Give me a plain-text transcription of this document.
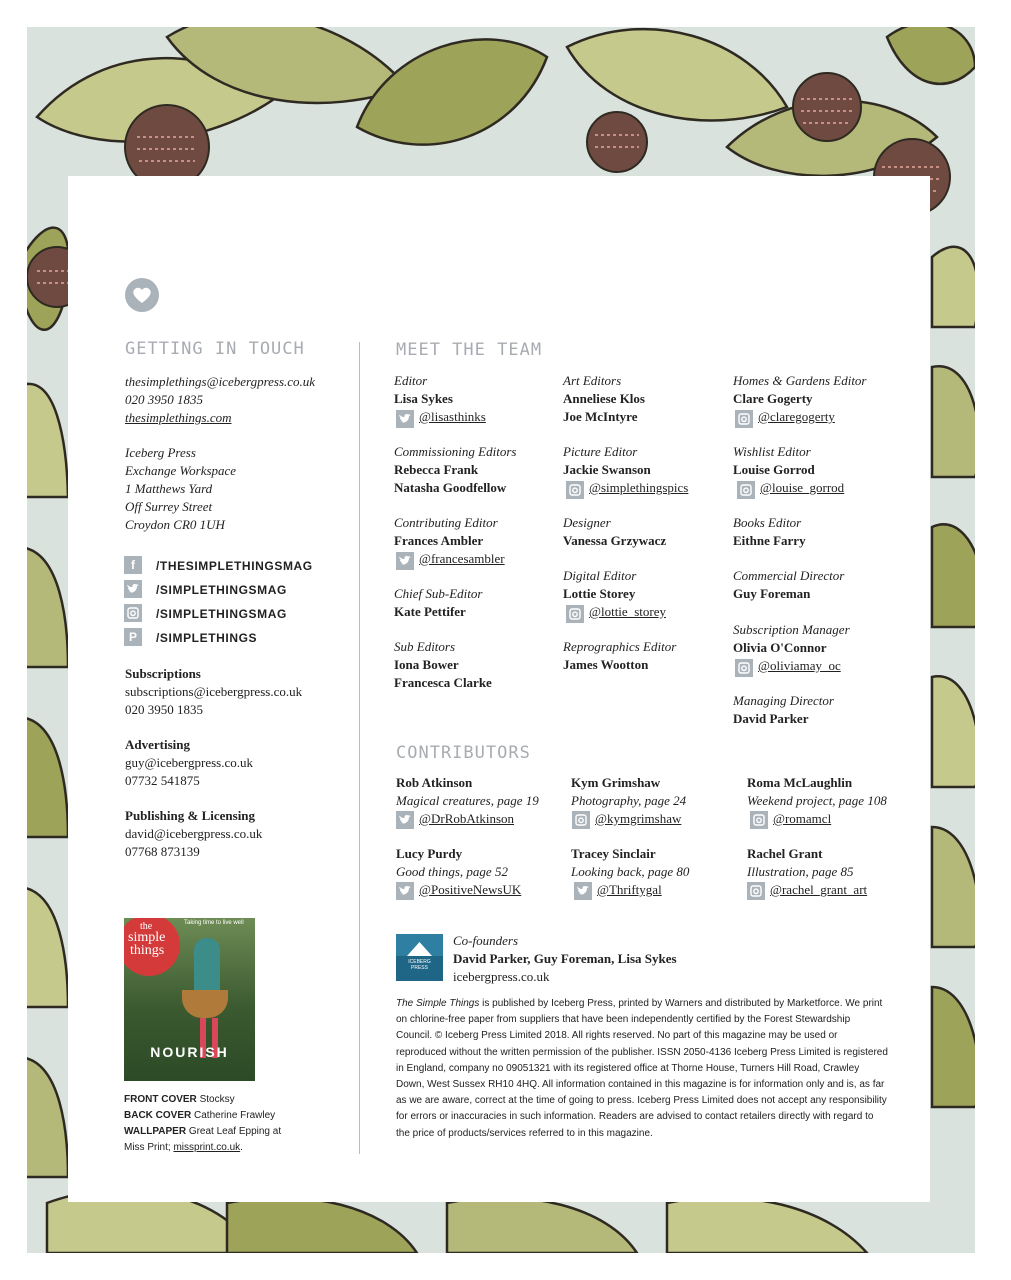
GETTING IN TOUCH	MEET THE TEAM
thesimplethings@icebergpress.co.uk
020 3950 1835
thesimplethings.com
Iceberg Press
Exchange Workspace
1 Matthews Yard
Off Surrey Street
Croydon CR0 1UH
f	/THESIMPLETHINGSMAG
/SIMPLETHINGSMAG
/SIMPLETHINGSMAG
P	/SIMPLETHINGS
Subscriptions
subscriptions@icebergpress.co.uk
020 3950 1835
Advertising
guy@icebergpress.co.uk
07732 541875
Publishing & Licensing
david@icebergpress.co.uk
07768 873139
Taking time to live well
the
simple
things
NOURISH
FRONT COVER Stocksy
BACK COVER Catherine Frawley
WALLPAPER Great Leaf Epping at
Miss Print; missprint.co.uk.
Editor
Lisa Sykes
@lisasthinks
Commissioning Editors
Rebecca Frank
Natasha Goodfellow
Contributing Editor
Frances Ambler
@francesambler
Chief Sub-Editor
Kate Pettifer
Sub Editors
Iona Bower
Francesca Clarke
Art Editors
Anneliese Klos
Joe McIntyre
Picture Editor
Jackie Swanson
@simplethingspics
Designer
Vanessa Grzywacz
Digital Editor
Lottie Storey
@lottie_storey
Reprographics Editor
James Wootton
Homes & Gardens Editor
Clare Gogerty
@claregogerty
Wishlist Editor
Louise Gorrod
@louise_gorrod
Books Editor
Eithne Farry
Commercial Director
Guy Foreman
Subscription Manager
Olivia O'Connor
@oliviamay_oc
Managing Director
David Parker
CONTRIBUTORS
Rob Atkinson
Magical creatures, page 19
@DrRobAtkinson
Kym Grimshaw
Photography, page 24
@kymgrimshaw
Roma McLaughlin
Weekend project, page 108
@romamcl
Lucy Purdy
Good things, page 52
@PositiveNewsUK
Tracey Sinclair
Looking back, page 80
@Thriftygal
Rachel Grant
Illustration, page 85
@rachel_grant_art
ICEBERG
PRESS
Co-founders
David Parker, Guy Foreman, Lisa Sykes
icebergpress.co.uk
The Simple Things is published by Iceberg Press, printed by Warners and distributed by Marketforce. We print on chlorine-free paper from suppliers that have been independently certified by the Forest Stewardship Council. © Iceberg Press Limited 2018. All rights reserved. No part of this magazine may be used or reproduced without the written permission of the publisher. ISSN 2050-4136 Iceberg Press Limited is registered in England, company no 09051321 with its registered office at Thorne House, Turners Hill Road, Crawley Down, West Sussex RH10 4HQ. All information contained in this magazine is for information only and is, as far as we are aware, correct at the time of going to press. Iceberg Press Limited does not accept any responsibility for errors or inaccuracies in such information. Readers are advised to contact retailers directly with regard to the price of products/services referred to in this magazine.
